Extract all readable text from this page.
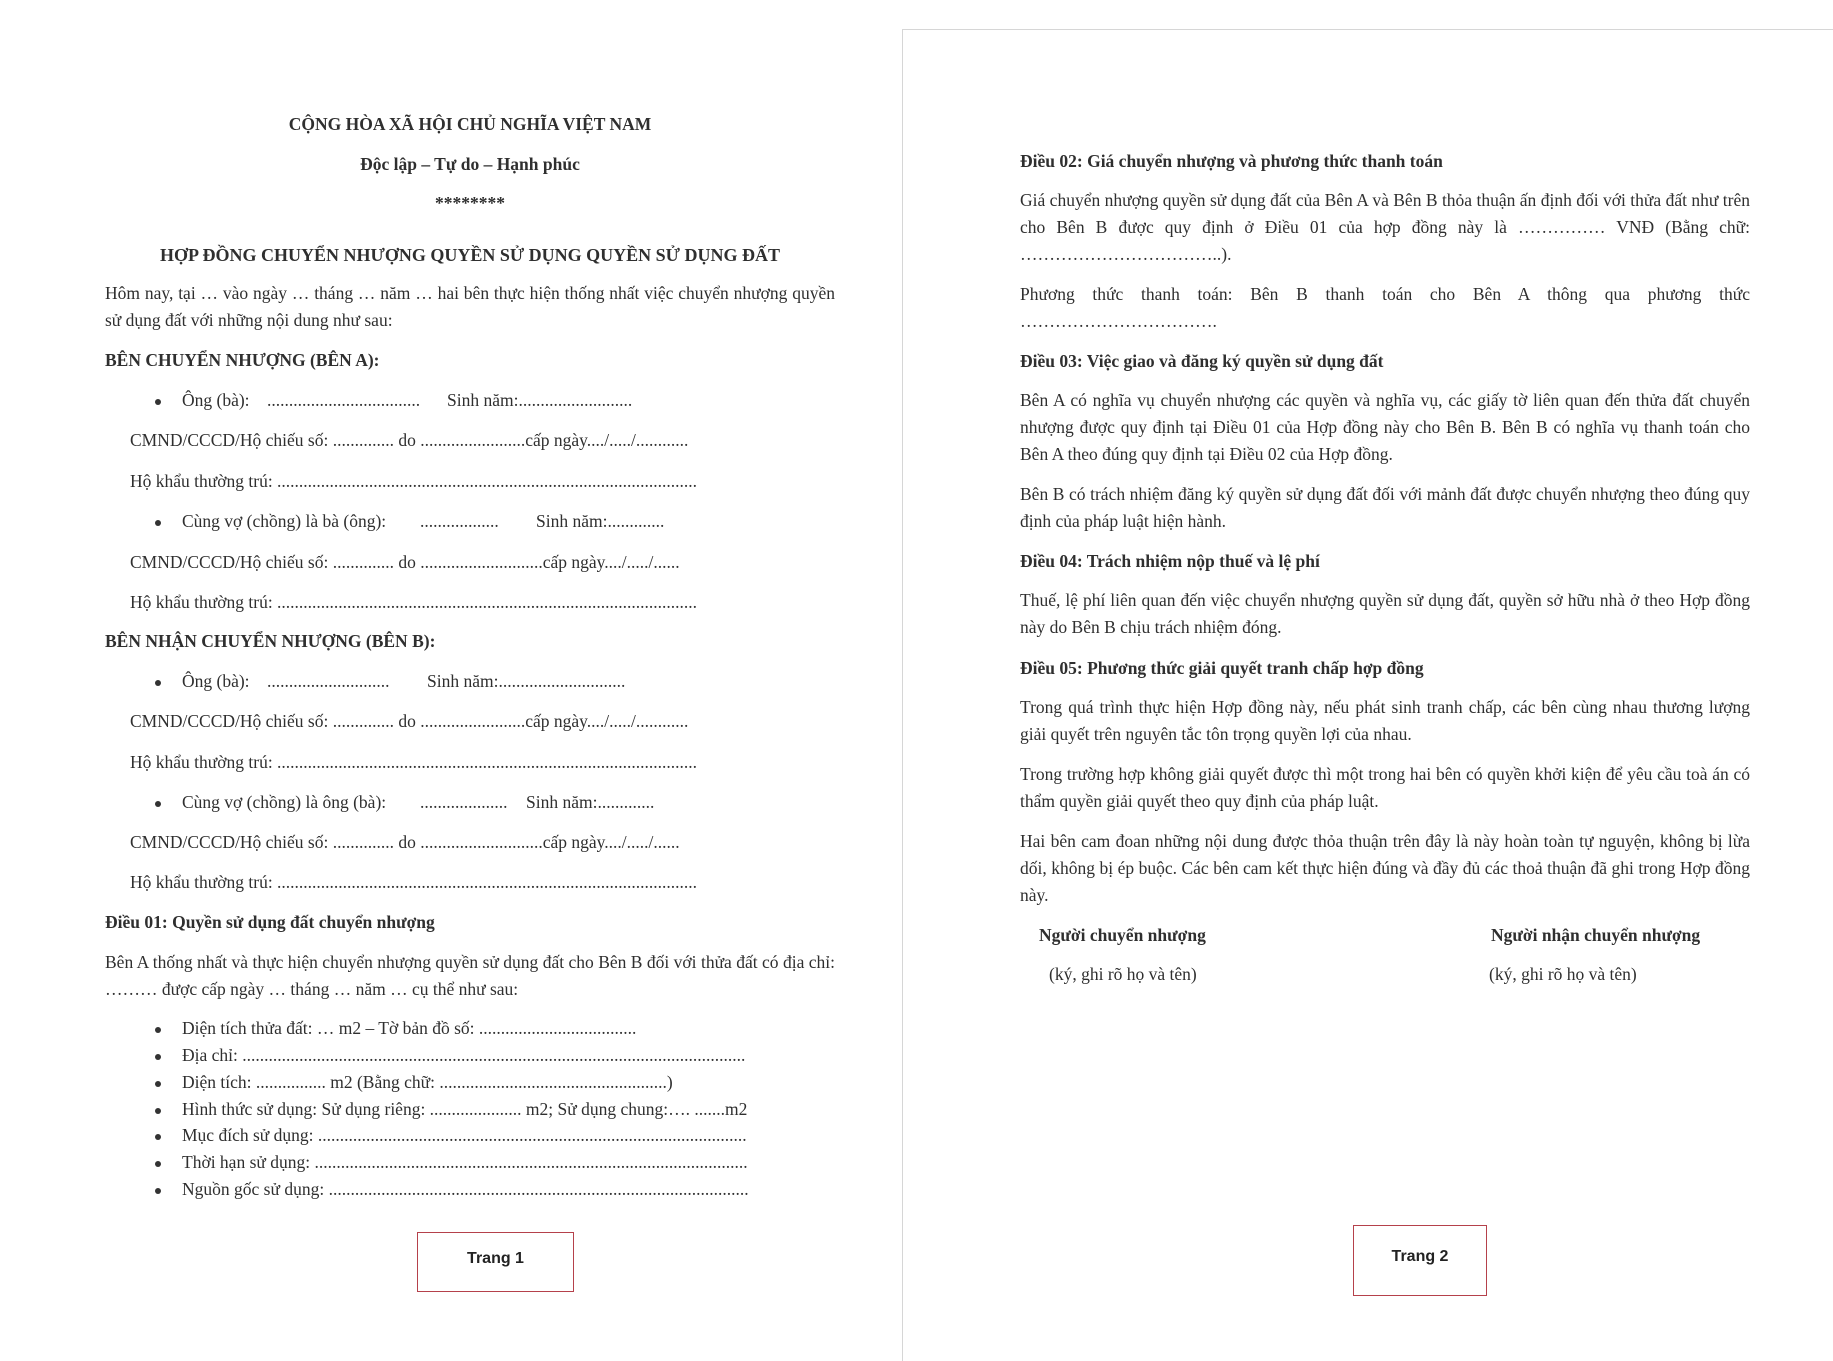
CỘNG HÒA XÃ HỘI CHỦ NGHĨA VIỆT NAM

Độc lập – Tự do – Hạnh phúc

********

HỢP ĐỒNG CHUYỂN NHƯỢNG QUYỀN SỬ DỤNG QUYỀN SỬ DỤNG ĐẤT

Hôm nay, tại … vào ngày … tháng … năm … hai bên thực hiện thống nhất việc chuyển nhượng quyền sử dụng đất với những nội dung như sau:

BÊN CHUYỂN NHƯỢNG (BÊN A):

Ông (bà): ................................... Sinh năm:..........................

CMND/CCCD/Hộ chiếu số: .............. do ........................cấp ngày..../...../............

Hộ khẩu thường trú: ................................................................................................

Cùng vợ (chồng) là bà (ông): .................. Sinh năm:.............

CMND/CCCD/Hộ chiếu số: .............. do ............................cấp ngày..../...../......

Hộ khẩu thường trú: ................................................................................................

BÊN NHẬN CHUYỂN NHƯỢNG (BÊN B):

Ông (bà): ............................ Sinh năm:.............................

CMND/CCCD/Hộ chiếu số: .............. do ........................cấp ngày..../...../............

Hộ khẩu thường trú: ................................................................................................

Cùng vợ (chồng) là ông (bà): .................... Sinh năm:.............

CMND/CCCD/Hộ chiếu số: .............. do ............................cấp ngày..../...../......

Hộ khẩu thường trú: ................................................................................................

Điều 01: Quyền sử dụng đất chuyển nhượng

Bên A thống nhất và thực hiện chuyển nhượng quyền sử dụng đất cho Bên B đối với thửa đất có địa chỉ: ……… được cấp ngày … tháng … năm … cụ thể như sau:

Diện tích thửa đất: … m2 – Tờ bản đồ số: ....................................

Địa chỉ: ...................................................................................................................

Diện tích: ................ m2 (Bằng chữ: ....................................................)

Hình thức sử dụng: Sử dụng riêng: ..................... m2; Sử dụng chung:…. .......m2

Mục đích sử dụng: ..................................................................................................

Thời hạn sử dụng: ...................................................................................................

Nguồn gốc sử dụng: ................................................................................................

Trang 1

Điều 02: Giá chuyển nhượng và phương thức thanh toán

Giá chuyển nhượng quyền sử dụng đất của Bên A và Bên B thỏa thuận ấn định đối với thửa đất như trên cho Bên B được quy định ở Điều 01 của hợp đồng này là …………… VNĐ (Bằng chữ: ……………………………..).

Phương thức thanh toán: Bên B thanh toán cho Bên A thông qua phương thức …………………………….

Điều 03: Việc giao và đăng ký quyền sử dụng đất

Bên A có nghĩa vụ chuyển nhượng các quyền và nghĩa vụ, các giấy tờ liên quan đến thửa đất chuyển nhượng được quy định tại Điều 01 của Hợp đồng này cho Bên B. Bên B có nghĩa vụ thanh toán cho Bên A theo đúng quy định tại Điều 02 của Hợp đồng.

Bên B có trách nhiệm đăng ký quyền sử dụng đất đối với mảnh đất được chuyển nhượng theo đúng quy định của pháp luật hiện hành.

Điều 04: Trách nhiệm nộp thuế và lệ phí

Thuế, lệ phí liên quan đến việc chuyển nhượng quyền sử dụng đất, quyền sở hữu nhà ở theo Hợp đồng này do Bên B chịu trách nhiệm đóng.

Điều 05: Phương thức giải quyết tranh chấp hợp đồng

Trong quá trình thực hiện Hợp đồng này, nếu phát sinh tranh chấp, các bên cùng nhau thương lượng giải quyết trên nguyên tắc tôn trọng quyền lợi của nhau.

Trong trường hợp không giải quyết được thì một trong hai bên có quyền khởi kiện để yêu cầu toà án có thẩm quyền giải quyết theo quy định của pháp luật.

Hai bên cam đoan những nội dung được thỏa thuận trên đây là này hoàn toàn tự nguyện, không bị lừa dối, không bị ép buộc. Các bên cam kết thực hiện đúng và đầy đủ các thoả thuận đã ghi trong Hợp đồng này.

Người chuyển nhượng

(ký, ghi rõ họ và tên)

Người nhận chuyển nhượng

(ký, ghi rõ họ và tên)

Trang 2
